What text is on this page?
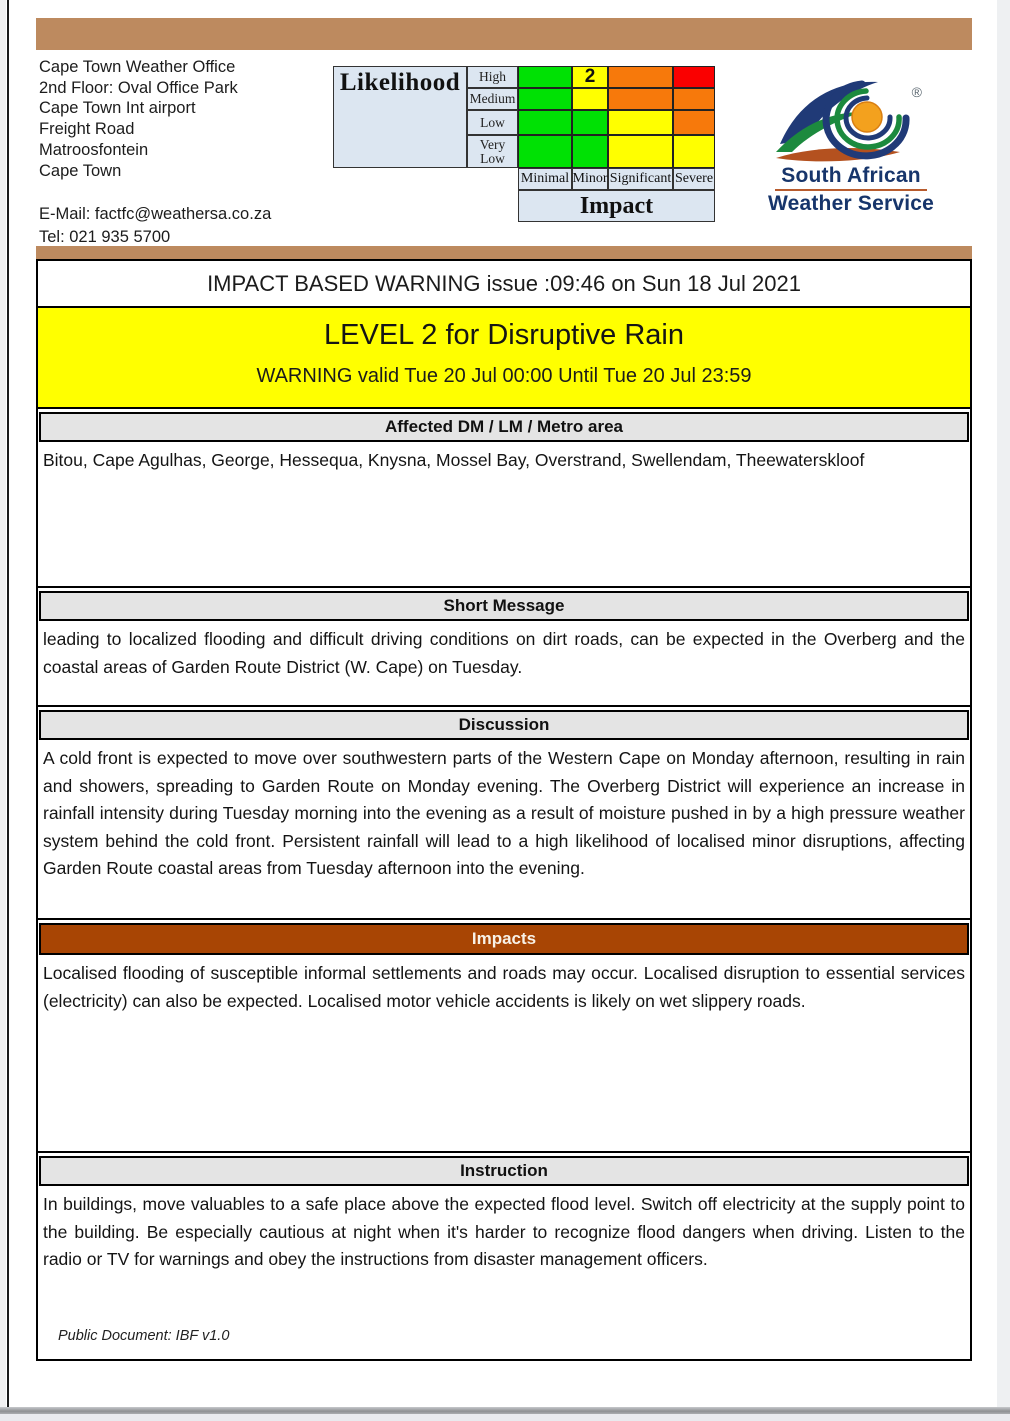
Cape Town Weather Office
2nd Floor: Oval Office Park
Cape Town Int airport
Freight Road
Matroosfontein
Cape Town
E-Mail: factfc@weathersa.co.za
Tel: 021 935 5700
Likelihood	High
Medium
Low
Very Low
Minimal Minor Significant Severe
Impact
2
®
South African
Weather Service
IMPACT BASED WARNING issue :09:46 on Sun 18 Jul 2021
LEVEL 2 for Disruptive Rain
WARNING valid Tue 20 Jul 00:00 Until Tue 20 Jul 23:59
Affected DM / LM / Metro area
Bitou, Cape Agulhas, George, Hessequa, Knysna, Mossel Bay, Overstrand, Swellendam, Theewaterskloof
Short Message
leading to localized flooding and difficult driving conditions on dirt roads, can be expected in the Overberg and the coastal areas of Garden Route District (W. Cape) on Tuesday.
Discussion
A cold front is expected to move over southwestern parts of the Western Cape on Monday afternoon, resulting in rain and showers, spreading to Garden Route on Monday evening. The Overberg District will experience an increase in rainfall intensity during Tuesday morning into the evening as a result of moisture pushed in by a high pressure weather system behind the cold front. Persistent rainfall will lead to a high likelihood of localised minor disruptions, affecting Garden Route coastal areas from Tuesday afternoon into the evening.
Impacts
Localised flooding of susceptible informal settlements and roads may occur. Localised disruption to essential services (electricity) can also be expected. Localised motor vehicle accidents is likely on wet slippery roads.
Instruction
In buildings, move valuables to a safe place above the expected flood level. Switch off electricity at the supply point to the building. Be especially cautious at night when it's harder to recognize flood dangers when driving. Listen to the radio or TV for warnings and obey the instructions from disaster management officers.
Public Document: IBF v1.0
